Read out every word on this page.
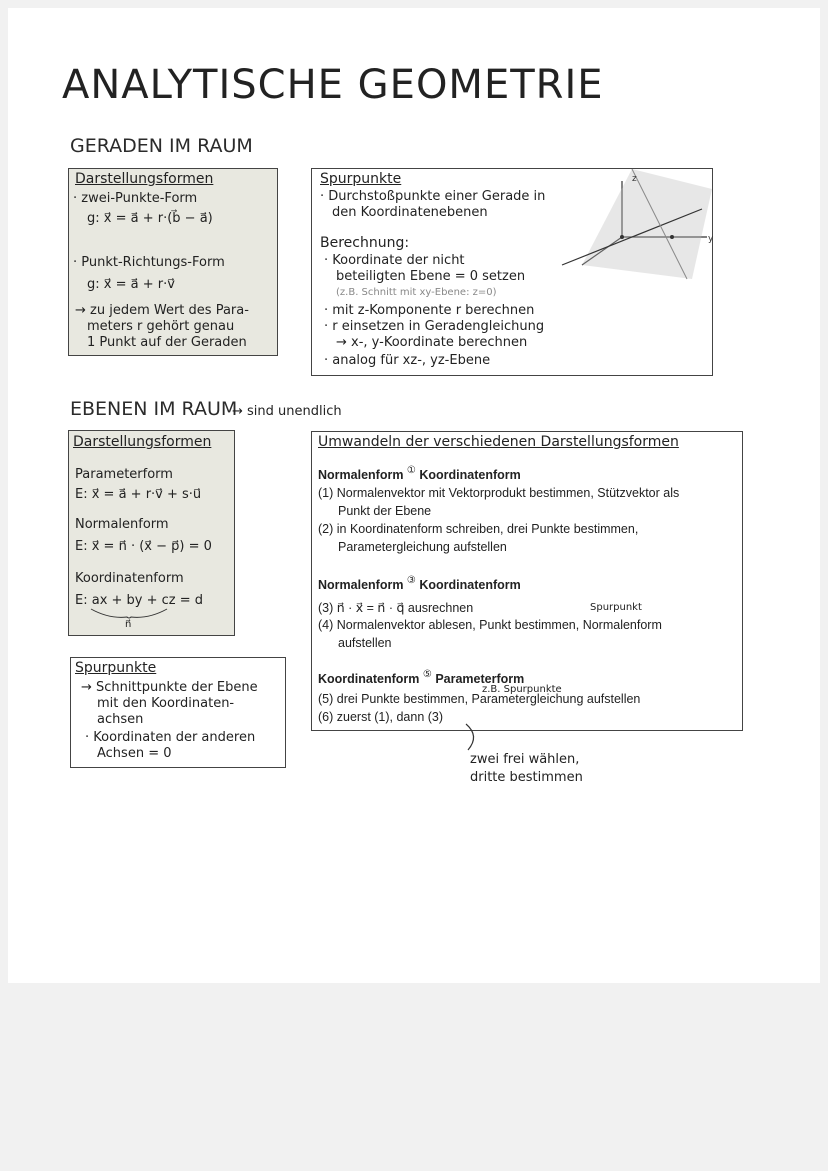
ANALYTISCHE GEOMETRIE
GERADEN IM RAUM
Darstellungsformen
· zwei-Punkte-Form
g: x⃗ = a⃗ + r·(b⃗ − a⃗)
· Punkt-Richtungs-Form
g: x⃗ = a⃗ + r·v⃗
→ zu jedem Wert des Para-
meters r gehört genau
1 Punkt auf der Geraden
Spurpunkte
· Durchstoßpunkte einer Gerade in
den Koordinatenebenen
Berechnung:
· Koordinate der nicht
beteiligten Ebene = 0 setzen
(z.B. Schnitt mit xy-Ebene: z=0)
· mit z-Komponente r berechnen
· r einsetzen in Geradengleichung
→ x-, y-Koordinate berechnen
· analog für xz-, yz-Ebene
y
z
EBENEN IM RAUM
→ sind unendlich
Darstellungsformen
Parameterform
E: x⃗ = a⃗ + r·v⃗ + s·u⃗
Normalenform
E: x⃗ = n⃗ · (x⃗ − p⃗) = 0
Koordinatenform
E: ax + by + cz = d
n⃗
Spurpunkte
→ Schnittpunkte der Ebene
mit den Koordinaten-
achsen
· Koordinaten der anderen
Achsen = 0
Umwandeln der verschiedenen Darstellungsformen
Normalenform ① Koordinatenform
(1) Normalenvektor mit Vektorprodukt bestimmen, Stützvektor als
Punkt der Ebene
(2) in Koordinatenform schreiben, drei Punkte bestimmen,
Parametergleichung aufstellen
Normalenform ③ Koordinatenform
Spurpunkt
(3) n⃗ · x⃗ = n⃗ · q⃗ ausrechnen
(4) Normalenvektor ablesen, Punkt bestimmen, Normalenform
aufstellen
Koordinatenform ⑤ Parameterform
z.B. Spurpunkte
(5) drei Punkte bestimmen, Parametergleichung aufstellen
(6) zuerst (1), dann (3)
zwei frei wählen,
dritte bestimmen
